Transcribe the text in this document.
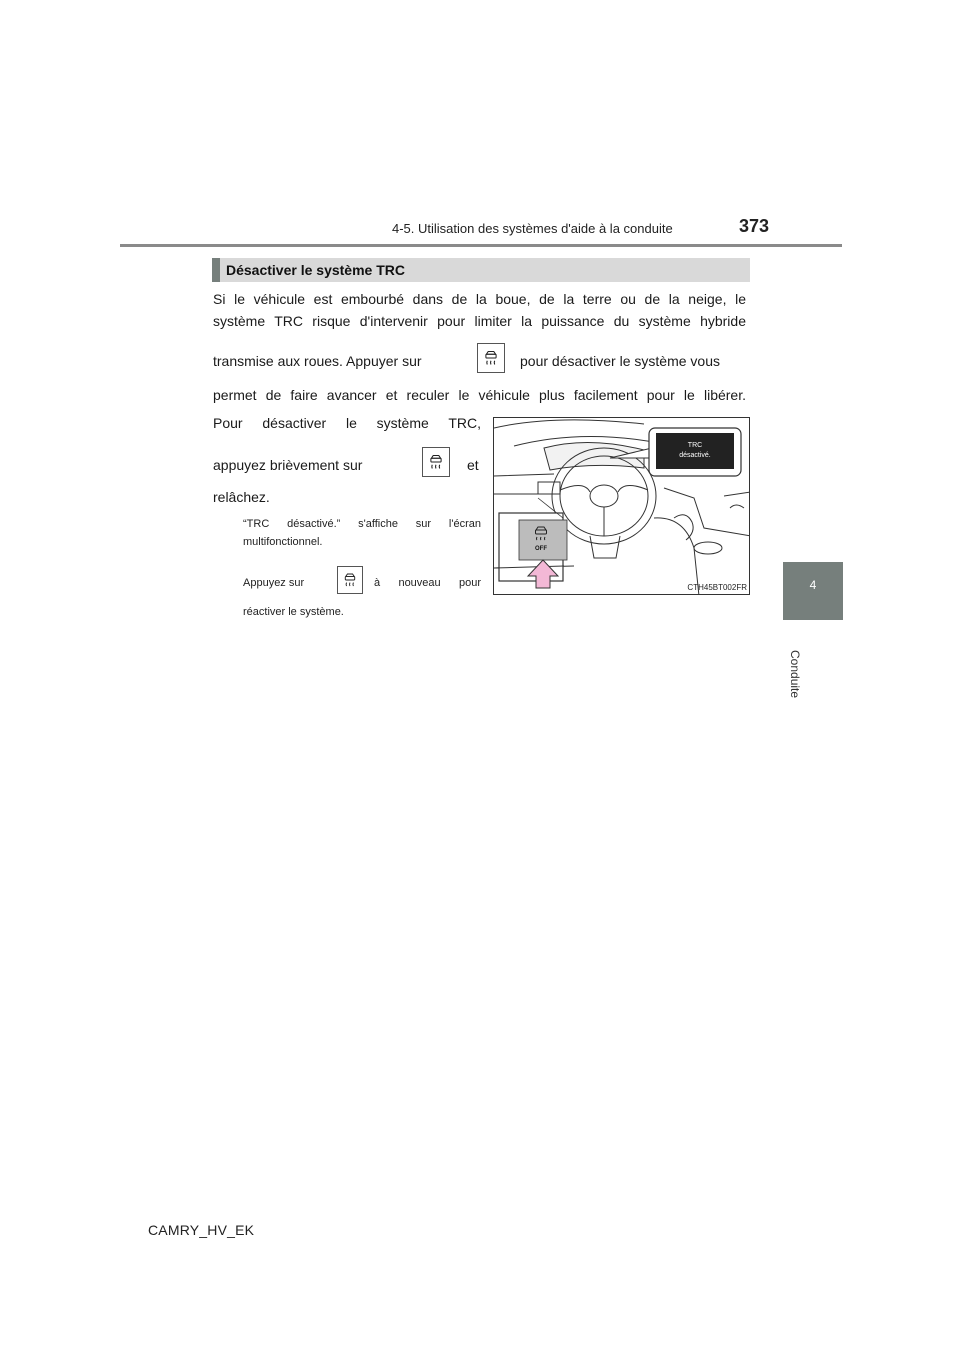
4-5. Utilisation des systèmes d'aide à la conduite	373
4
Conduite
Désactiver le système TRC
Si le véhicule est embourbé dans de la boue, de la terre ou de la neige, le
système TRC risque d'intervenir pour limiter la puissance du système hybride
transmise aux roues. Appuyer sur	pour désactiver le système vous
permet de faire avancer et reculer le véhicule plus facilement pour le libérer.
Pour désactiver le système TRC,
appuyez brièvement sur	et
relâchez.
“TRC désactivé.” s'affiche sur l'écran
multifonctionnel.
Appuyez sur	à nouveau pour
réactiver le système.
TRC
désactivé.
OFF
CTH45BT002FR
CAMRY_HV_EK
